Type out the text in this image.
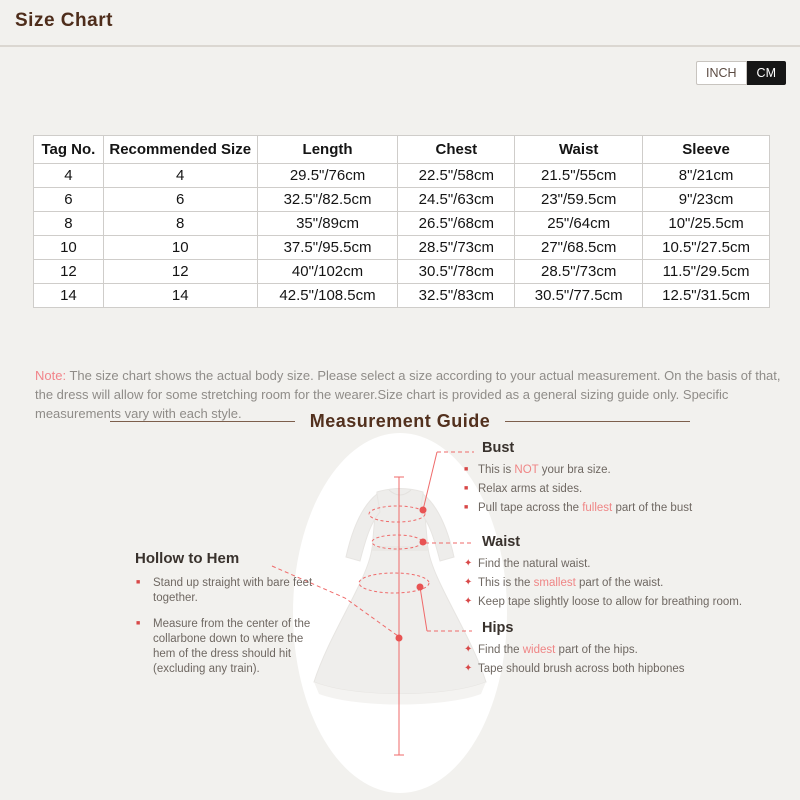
Size Chart
INCH	CM
Tag No.	Recommended Size	Length	Chest	Waist	Sleeve
4	4	29.5"/76cm	22.5"/58cm	21.5"/55cm	8"/21cm
6	6	32.5"/82.5cm	24.5"/63cm	23"/59.5cm	9"/23cm
8	8	35"/89cm	26.5"/68cm	25"/64cm	10"/25.5cm
10	10	37.5"/95.5cm	28.5"/73cm	27"/68.5cm	10.5"/27.5cm
12	12	40"/102cm	30.5"/78cm	28.5"/73cm	11.5"/29.5cm
14	14	42.5"/108.5cm	32.5"/83cm	30.5"/77.5cm	12.5"/31.5cm
Note: The size chart shows the actual body size. Please select a size according to your actual measurement. On the basis of that,
the dress will allow for some stretching room for the wearer.Size chart is provided as a general sizing guide only. Specific measurements vary with each style.	Measurement Guide
Bust
■ This is NOT your bra size.
■ Relax arms at sides.
■ Pull tape across the fullest part of the bust
Waist
✦ Find the natural waist.
✦ This is the smallest part of the waist.
✦ Keep tape slightly loose to allow for breathing room.
Hips
✦ Find the widest part of the hips.
✦ Tape should brush across both hipbones
Hollow to Hem
■	Stand up straight with bare feet together.
■	Measure from the center of the collarbone down to where the hem of the dress should hit (excluding any train).
